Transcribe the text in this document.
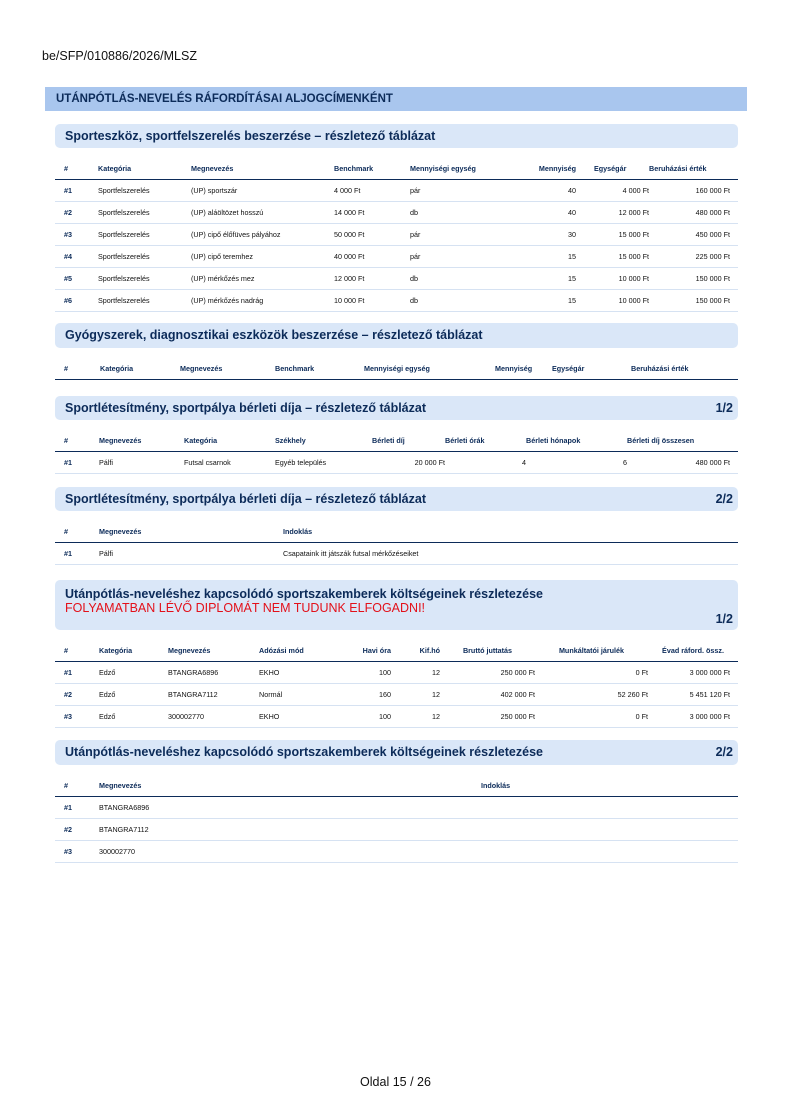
be/SFP/010886/2026/MLSZ
UTÁNPÓTLÁS-NEVELÉS RÁFORDÍTÁSAI ALJOGCÍMENKÉNT
Sporteszköz, sportfelszerelés beszerzése – részletező táblázat
#	Kategória	Megnevezés	Benchmark	Mennyiségi egység	Mennyiség	Egységár	Beruházási érték
#1	Sportfelszerelés	(UP) sportszár	4 000 Ft	pár	40	4 000 Ft	160 000 Ft
#2	Sportfelszerelés	(UP) aláöltözet hosszú	14 000 Ft	db	40	12 000 Ft	480 000 Ft
#3	Sportfelszerelés	(UP) cipő élőfüves pályához	50 000 Ft	pár	30	15 000 Ft	450 000 Ft
#4	Sportfelszerelés	(UP) cipő teremhez	40 000 Ft	pár	15	15 000 Ft	225 000 Ft
#5	Sportfelszerelés	(UP) mérkőzés mez	12 000 Ft	db	15	10 000 Ft	150 000 Ft
#6	Sportfelszerelés	(UP) mérkőzés nadrág	10 000 Ft	db	15	10 000 Ft	150 000 Ft
Gyógyszerek, diagnosztikai eszközök beszerzése – részletező táblázat
#	Kategória	Megnevezés	Benchmark	Mennyiségi egység	Mennyiség	Egységár	Beruházási érték
Sportlétesítmény, sportpálya bérleti díja – részletező táblázat	1/2
#	Megnevezés	Kategória	Székhely	Bérleti díj	Bérleti órák	Bérleti hónapok	Bérleti díj összesen
#1	Pálfi	Futsal csarnok	Egyéb település	20 000 Ft	4	6	480 000 Ft
Sportlétesítmény, sportpálya bérleti díja – részletező táblázat	2/2
#	Megnevezés	Indoklás
#1	Pálfi	Csapataink itt játszák futsal mérkőzéseiket
Utánpótlás-neveléshez kapcsolódó sportszakemberek költségeinek részletezése
FOLYAMATBAN LÉVŐ DIPLOMÁT NEM TUDUNK ELFOGADNI!
1/2
#	Kategória	Megnevezés	Adózási mód	Havi óra	Kif.hó	Bruttó juttatás	Munkáltatói járulék	Évad ráford. össz.
#1	Edző	BTANGRA6896	EKHO	100	12	250 000 Ft	0 Ft	3 000 000 Ft
#2	Edző	BTANGRA7112	Normál	160	12	402 000 Ft	52 260 Ft	5 451 120 Ft
#3	Edző	300002770	EKHO	100	12	250 000 Ft	0 Ft	3 000 000 Ft
Utánpótlás-neveléshez kapcsolódó sportszakemberek költségeinek részletezése	2/2
#	Megnevezés	Indoklás
#1	BTANGRA6896	
#2	BTANGRA7112	
#3	300002770	
Oldal 15 / 26
